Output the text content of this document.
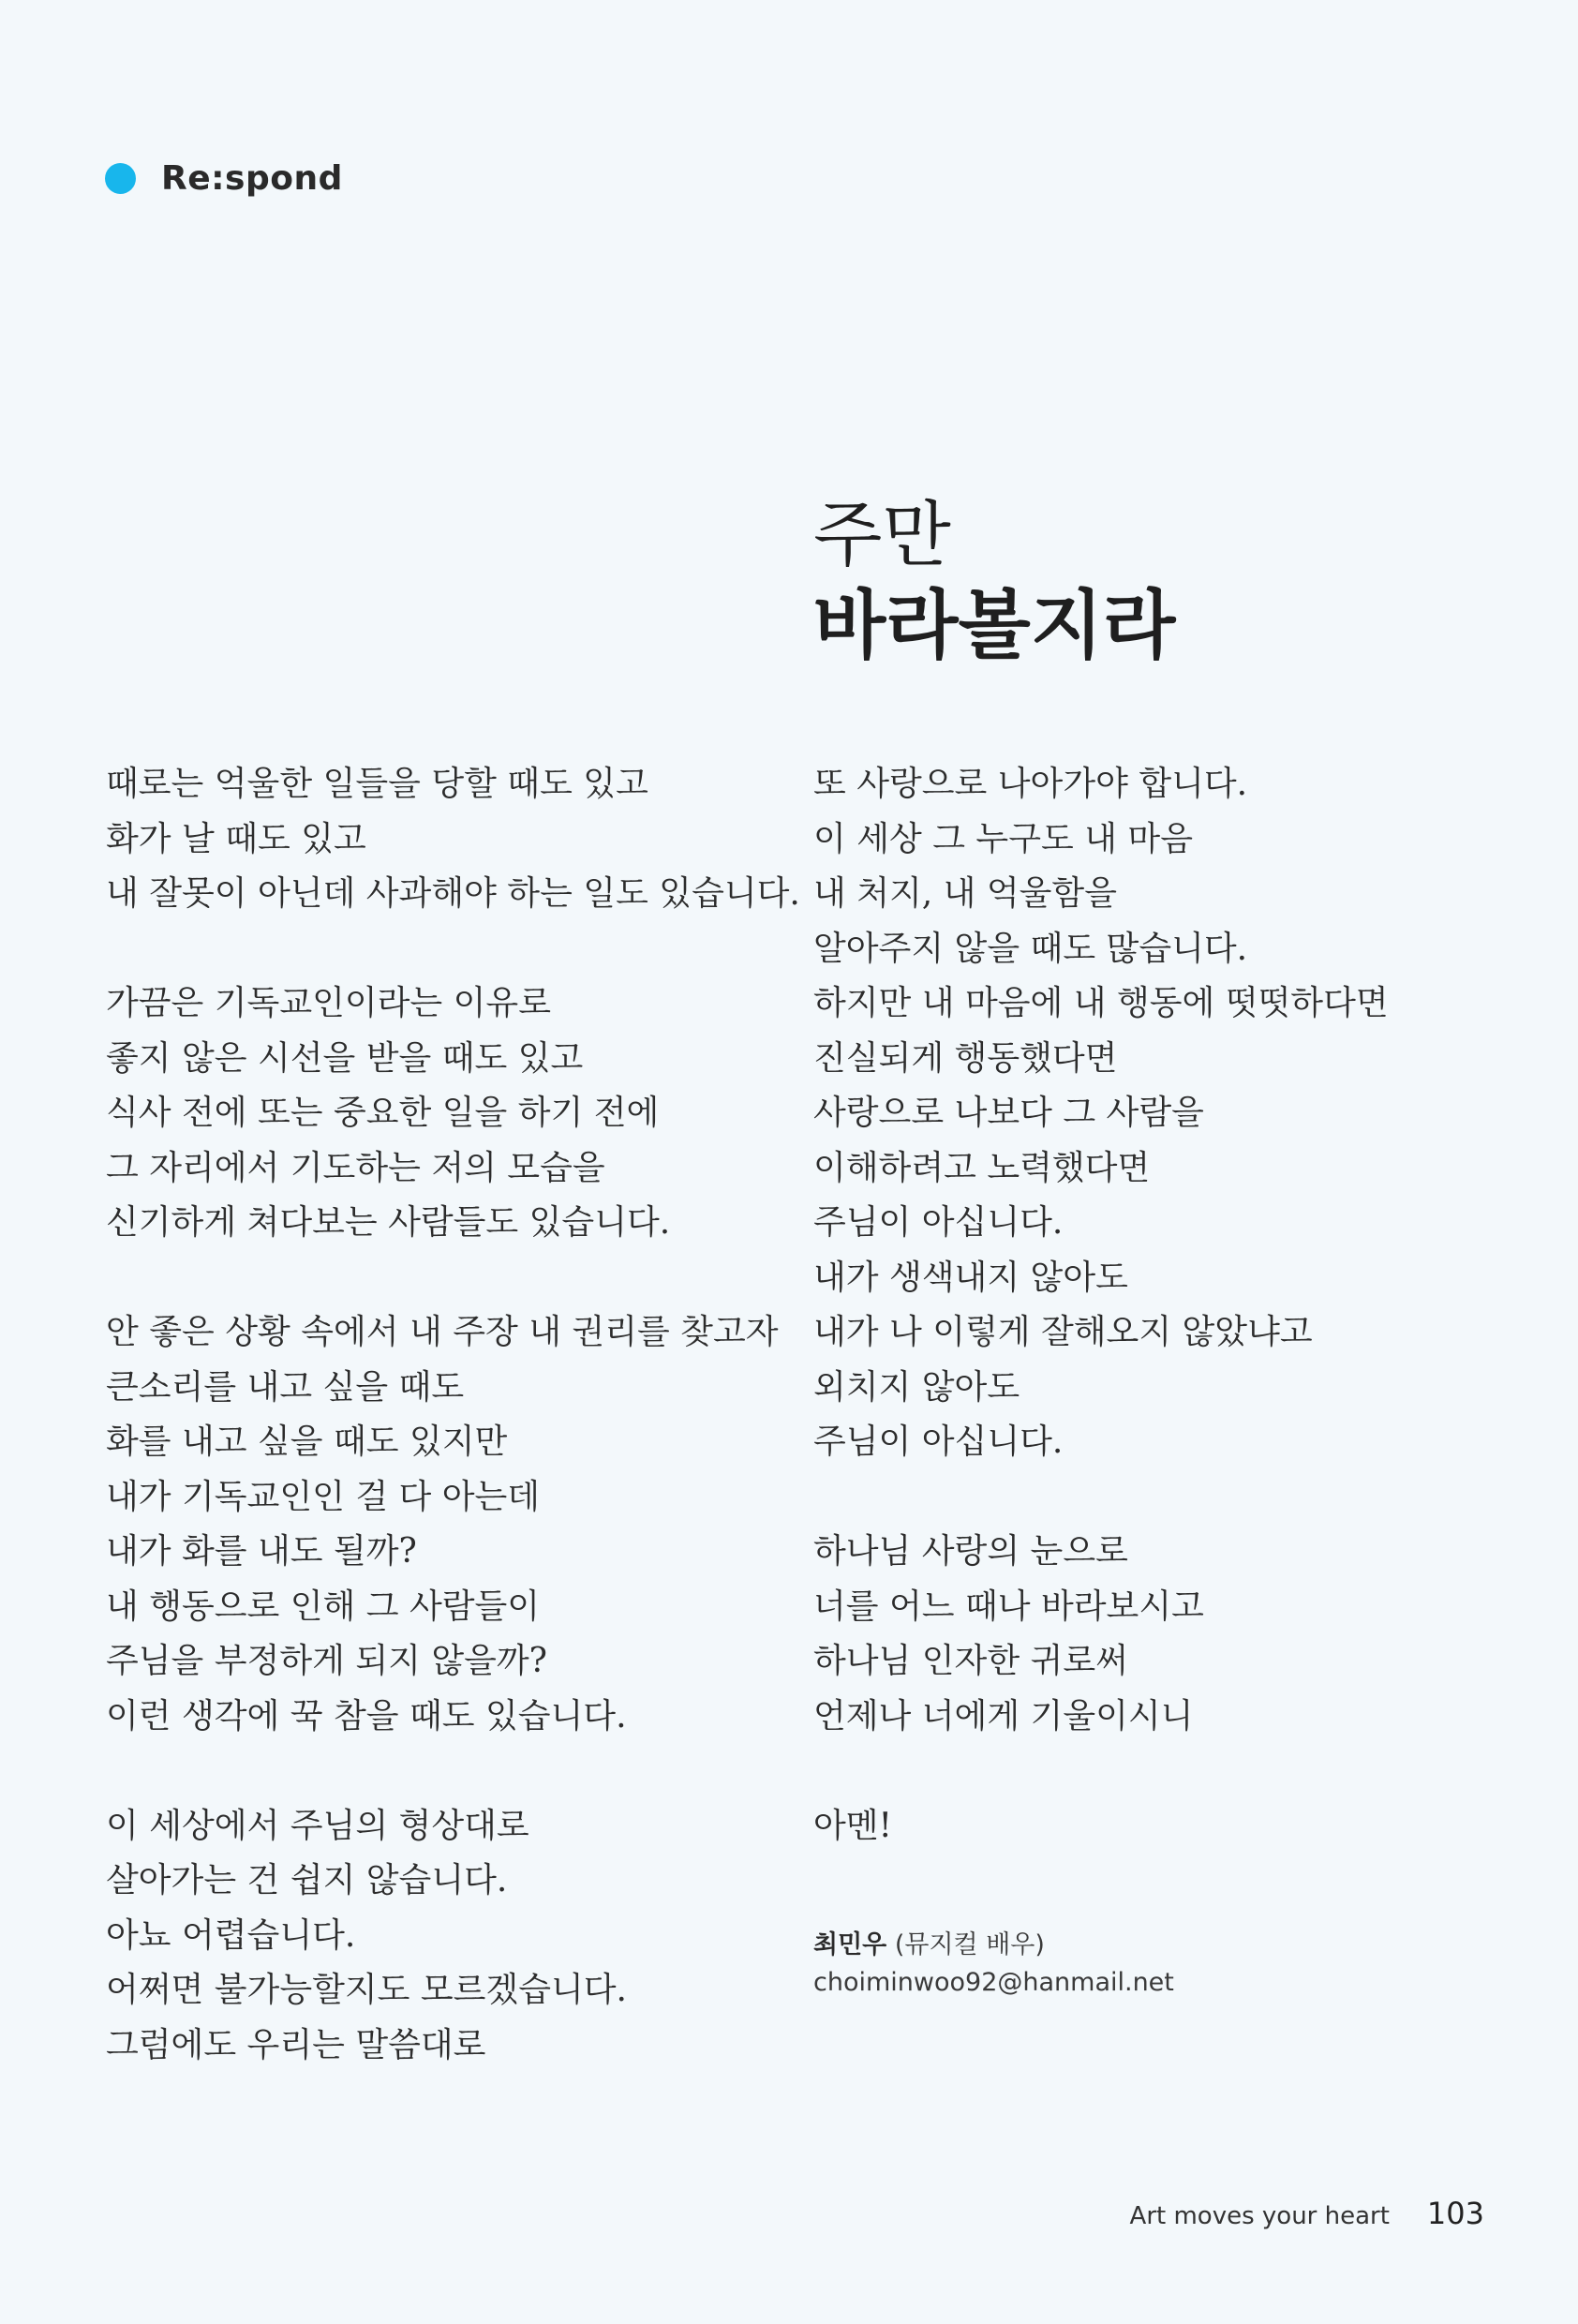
Re:spond
주만
바라볼지라
때로는 억울한 일들을 당할 때도 있고
화가 날 때도 있고
내 잘못이 아닌데 사과해야 하는 일도 있습니다.
가끔은 기독교인이라는 이유로
좋지 않은 시선을 받을 때도 있고
식사 전에 또는 중요한 일을 하기 전에
그 자리에서 기도하는 저의 모습을
신기하게 쳐다보는 사람들도 있습니다.
안 좋은 상황 속에서 내 주장 내 권리를 찾고자
큰소리를 내고 싶을 때도
화를 내고 싶을 때도 있지만
내가 기독교인인 걸 다 아는데
내가 화를 내도 될까?
내 행동으로 인해 그 사람들이
주님을 부정하게 되지 않을까?
이런 생각에 꾹 참을 때도 있습니다.
이 세상에서 주님의 형상대로
살아가는 건 쉽지 않습니다.
아뇨 어렵습니다.
어쩌면 불가능할지도 모르겠습니다.
그럼에도 우리는 말씀대로
또 사랑으로 나아가야 합니다.
이 세상 그 누구도 내 마음
내 처지, 내 억울함을
알아주지 않을 때도 많습니다.
하지만 내 마음에 내 행동에 떳떳하다면
진실되게 행동했다면
사랑으로 나보다 그 사람을
이해하려고 노력했다면
주님이 아십니다.
내가 생색내지 않아도
내가 나 이렇게 잘해오지 않았냐고
외치지 않아도
주님이 아십니다.
하나님 사랑의 눈으로
너를 어느 때나 바라보시고
하나님 인자한 귀로써
언제나 너에게 기울이시니
아멘!
최민우 (뮤지컬 배우)
choiminwoo92@hanmail.net
Art moves your heart 103
